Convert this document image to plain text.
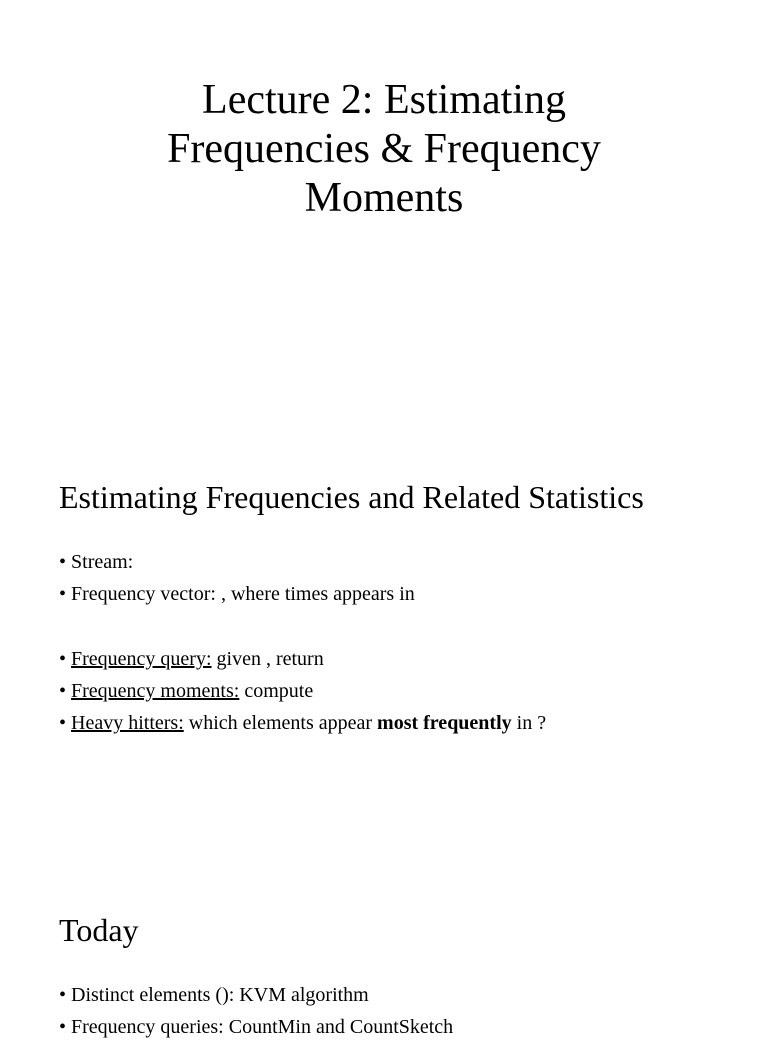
Lecture 2: Estimating
Frequencies & Frequency
Moments
Estimating Frequencies and Related Statistics
• Stream:
• Frequency vector: , where times appears in
• Frequency query: given , return
• Frequency moments: compute
• Heavy hitters: which elements appear most frequently in ?
Today
• Distinct elements (): KVM algorithm
• Frequency queries: CountMin and CountSketch
